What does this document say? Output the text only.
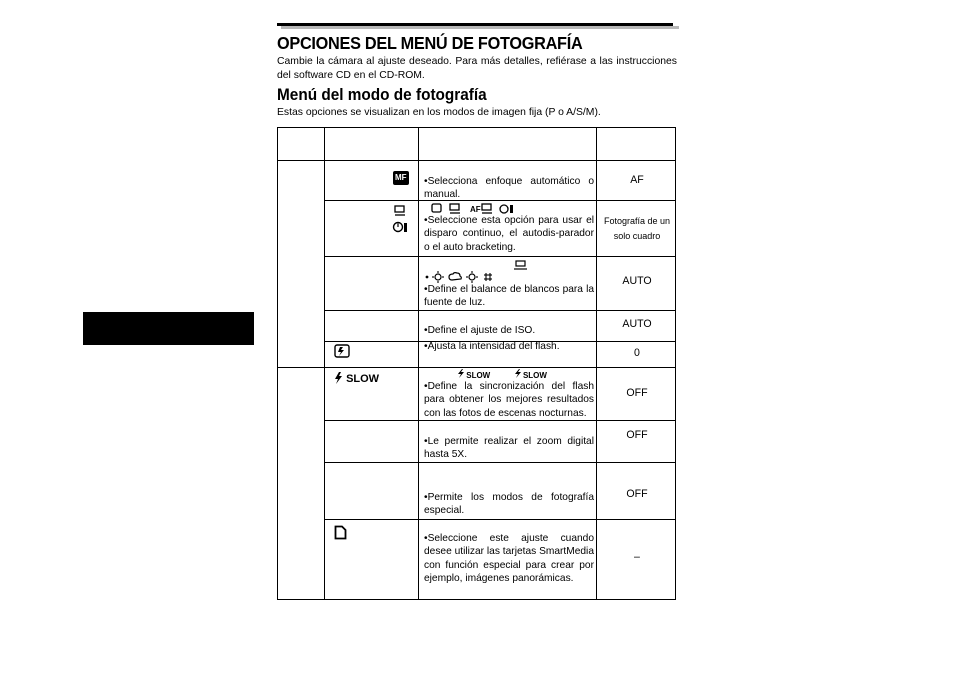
OPCIONES DEL MENÚ DE FOTOGRAFÍA

Cambie la cámara al ajuste deseado. Para más detalles, refiérase a las instrucciones del software CD en el CD-ROM.

Menú del modo de fotografía

Estas opciones se visualizan en los modos de imagen fija (P o A/S/M).

MF
•	Selecciona enfoque automático o manual.
AF
AF
• Seleccione esta opción para usar el disparo continuo, el autodis-parador o el auto bracketing.
Fotografía de un solo cuadro
• Define el balance de blancos para la fuente de luz.
AUTO
• Define el ajuste de ISO.
AUTO
• Ajusta la intensidad del flash.
0
SLOW	SLOW	SLOW
• Define la sincronización del flash para obtener los mejores resultados con las fotos de escenas nocturnas.
OFF
• Le permite realizar el zoom digital hasta 5X.
OFF
• Permite los modos de fotografía especial.
OFF
• Seleccione este ajuste cuando desee utilizar las tarjetas SmartMedia con función especial para crear por ejemplo, imágenes panorámicas.
–
